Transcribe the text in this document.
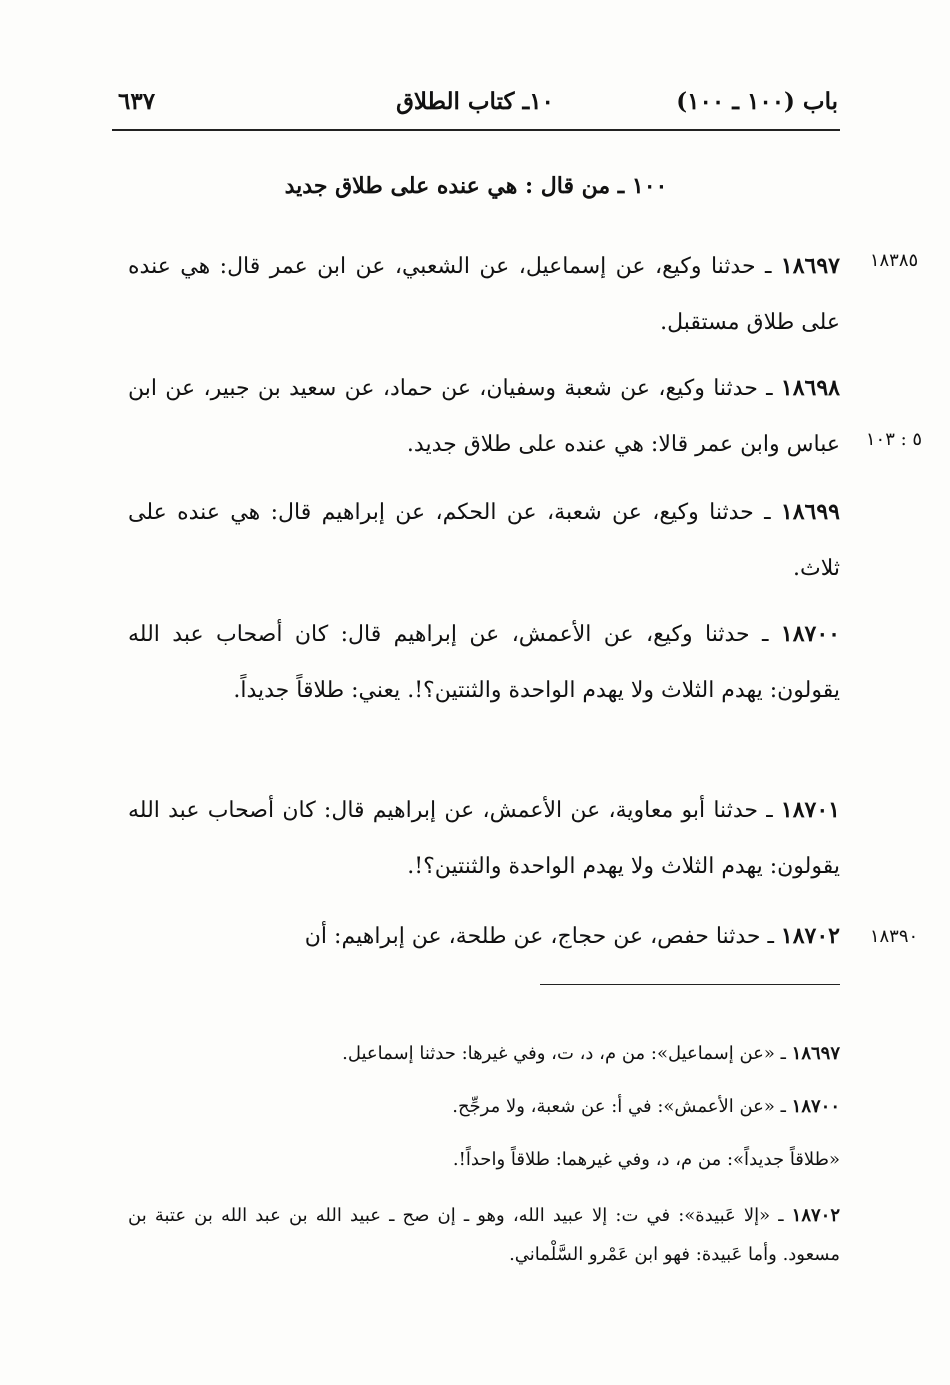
٦٣٧	١٠ـ كتاب الطلاق	باب (١٠٠ ـ ١٠٠)
١٠٠ ـ من قال : هي عنده على طلاق جديد
١٨٣٨٥
٥ : ١٠٣
١٨٣٩٠

١٨٦٩٧ ـ حدثنا وكيع، عن إسماعيل، عن الشعبي، عن ابن عمر قال: هي عنده على طلاق مستقبل.

١٨٦٩٨ ـ حدثنا وكيع، عن شعبة وسفيان، عن حماد، عن سعيد بن جبير، عن ابن عباس وابن عمر قالا: هي عنده على طلاق جديد.

١٨٦٩٩ ـ حدثنا وكيع، عن شعبة، عن الحكم، عن إبراهيم قال: هي عنده على ثلاث.

١٨٧٠٠ ـ حدثنا وكيع، عن الأعمش، عن إبراهيم قال: كان أصحاب عبد الله يقولون: يهدم الثلاث ولا يهدم الواحدة والثنتين؟!. يعني: طلاقاً جديداً.

١٨٧٠١ ـ حدثنا أبو معاوية، عن الأعمش، عن إبراهيم قال: كان أصحاب عبد الله يقولون: يهدم الثلاث ولا يهدم الواحدة والثنتين؟!.

١٨٧٠٢ ـ حدثنا حفص، عن حجاج، عن طلحة، عن إبراهيم: أن

١٨٦٩٧ ـ «عن إسماعيل»: من م، د، ت، وفي غيرها: حدثنا إسماعيل.

١٨٧٠٠ ـ «عن الأعمش»: في أ: عن شعبة، ولا مرجِّح.

«طلاقاً جديداً»: من م، د، وفي غيرهما: طلاقاً واحداً!.

١٨٧٠٢ ـ «إلا عَبيدة»: في ت: إلا عبيد الله، وهو ـ إن صح ـ عبيد الله بن عبد الله بن عتبة بن مسعود. وأما عَبيدة: فهو ابن عَمْرو السَّلْماني.
